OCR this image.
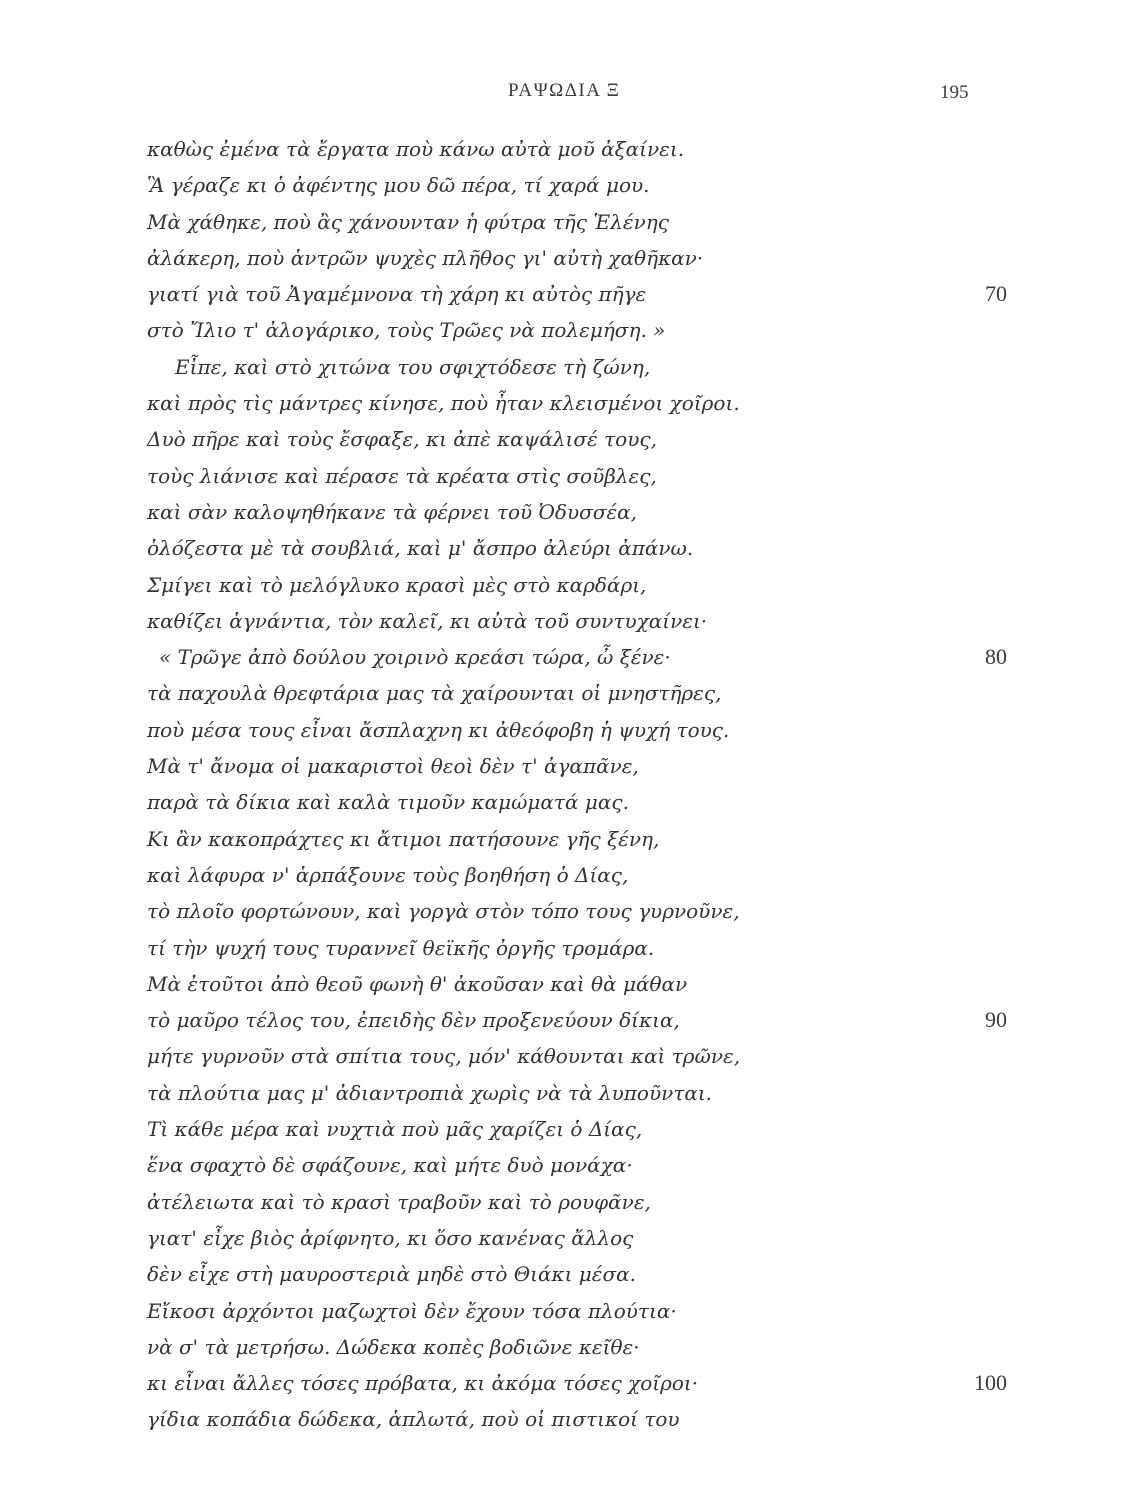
ΡΑΨΩΔΙΑ Ξ	195
καθὼς ἐμένα τὰ ἔργατα ποὺ κάνω αὐτὰ μοῦ ἀξαίνει.
Ἃ γέραζε κι ὁ ἀφέντης μου δῶ πέρα, τί χαρά μου.
Μὰ χάθηκε, ποὺ ἂς χάνουνταν ἡ φύτρα τῆς Ἑλένης
ἀλάκερη, ποὺ ἀντρῶν ψυχὲς πλῆθος γι' αὐτὴ χαθῆκαν·
γιατί γιὰ τοῦ Ἀγαμέμνονα τὴ χάρη κι αὐτὸς πῆγε	70
στὸ Ἴλιο τ' ἀλογάρικο, τοὺς Τρῶες νὰ πολεμήση. »
Εἶπε, καὶ στὸ χιτώνα του σφιχτόδεσε τὴ ζώνη,
καὶ πρὸς τὶς μάντρες κίνησε, ποὺ ἦταν κλεισμένοι χοῖροι.
Δυὸ πῆρε καὶ τοὺς ἔσφαξε, κι ἀπὲ καψάλισέ τους,
τοὺς λιάνισε καὶ πέρασε τὰ κρέατα στὶς σοῦβλες,
καὶ σὰν καλοψηθήκανε τὰ φέρνει τοῦ Ὀδυσσέα,
ὁλόζεστα μὲ τὰ σουβλιά, καὶ μ' ἄσπρο ἀλεύρι ἀπάνω.
Σμίγει καὶ τὸ μελόγλυκο κρασὶ μὲς στὸ καρδάρι,
καθίζει ἀγνάντια, τὸν καλεῖ, κι αὐτὰ τοῦ συντυχαίνει·
« Τρῶγε ἀπὸ δούλου χοιρινὸ κρεάσι τώρα, ὦ ξένε·	80
τὰ παχουλὰ θρεφτάρια μας τὰ χαίρουνται οἱ μνηστῆρες,
ποὺ μέσα τους εἶναι ἄσπλαχνη κι ἀθεόφοβη ἡ ψυχή τους.
Μὰ τ' ἄνομα οἱ μακαριστοὶ θεοὶ δὲν τ' ἀγαπᾶνε,
παρὰ τὰ δίκια καὶ καλὰ τιμοῦν καμώματά μας.
Κι ἂν κακοπράχτες κι ἄτιμοι πατήσουνε γῆς ξένη,
καὶ λάφυρα ν' ἁρπάξουνε τοὺς βοηθήση ὁ Δίας,
τὸ πλοῖο φορτώνουν, καὶ γοργὰ στὸν τόπο τους γυρνοῦνε,
τί τὴν ψυχή τους τυραννεῖ θεϊκῆς ὀργῆς τρομάρα.
Μὰ ἐτοῦτοι ἀπὸ θεοῦ φωνὴ θ' ἀκοῦσαν καὶ θὰ μάθαν
τὸ μαῦρο τέλος του, ἐπειδὴς δὲν προξενεύουν δίκια,	90
μήτε γυρνοῦν στὰ σπίτια τους, μόν' κάθουνται καὶ τρῶνε,
τὰ πλούτια μας μ' ἀδιαντροπιὰ χωρὶς νὰ τὰ λυποῦνται.
Τὶ κάθε μέρα καὶ νυχτιὰ ποὺ μᾶς χαρίζει ὁ Δίας,
ἕνα σφαχτὸ δὲ σφάζουνε, καὶ μήτε δυὸ μονάχα·
ἀτέλειωτα καὶ τὸ κρασὶ τραβοῦν καὶ τὸ ρουφᾶνε,
γιατ' εἶχε βιὸς ἀρίφνητο, κι ὅσο κανένας ἄλλος
δὲν εἶχε στὴ μαυροστεριὰ μηδὲ στὸ Θιάκι μέσα.
Εἴκοσι ἀρχόντοι μαζωχτοὶ δὲν ἔχουν τόσα πλούτια·
νὰ σ' τὰ μετρήσω. Δώδεκα κοπὲς βοδιῶνε κεῖθε·
κι εἶναι ἄλλες τόσες πρόβατα, κι ἀκόμα τόσες χοῖροι·	100
γίδια κοπάδια δώδεκα, ἁπλωτά, ποὺ οἱ πιστικοί του
